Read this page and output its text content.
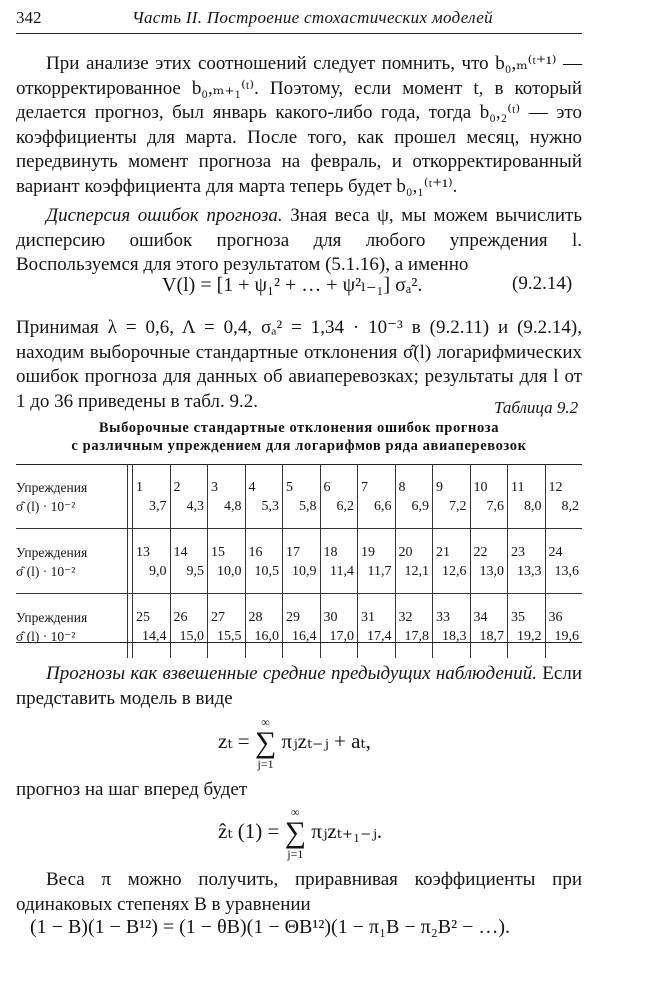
342	Часть II. Построение стохастических моделей
При анализе этих соотношений следует помнить, что b₀,ₘ⁽ᵗ⁺¹⁾ — откорректированное b₀,ₘ₊₁⁽ᵗ⁾. Поэтому, если момент t, в который делается прогноз, был январь какого-либо года, тогда b₀,₂⁽ᵗ⁾ — это коэффициенты для марта. После того, как прошел месяц, нужно передвинуть момент прогноза на февраль, и откорректированный вариант коэффициента для марта теперь будет b₀,₁⁽ᵗ⁺¹⁾.
Дисперсия ошибок прогноза. Зная веса ψ, мы можем вычислить дисперсию ошибок прогноза для любого упреждения l. Воспользуемся для этого результатом (5.1.16), а именно
V(l) = [1 + ψ₁² + … + ψ²ₗ₋₁] σₐ².	(9.2.14)
Принимая λ = 0,6, Λ = 0,4, σₐ² = 1,34 · 10⁻³ в (9.2.11) и (9.2.14), находим выборочные стандартные отклонения σ̂(l) логарифмических ошибок прогноза для данных об авиаперевозках; результаты для l от 1 до 36 приведены в табл. 9.2.	Таблица 9.2
Выборочные стандартные отклонения ошибок прогноза
с различным упреждением для логарифмов ряда авиаперевозок
Упреждения		1	2	3	4	5	6	7	8	9	10	11	12
σ̂ (l) · 10⁻²		3,7	4,3	4,8	5,3	5,8	6,2	6,6	6,9	7,2	7,6	8,0	8,2
Упреждения		13	14	15	16	17	18	19	20	21	22	23	24
σ̂ (l) · 10⁻²		9,0	9,5	10,0	10,5	10,9	11,4	11,7	12,1	12,6	13,0	13,3	13,6
Упреждения		25	26	27	28	29	30	31	32	33	34	35	36
σ̂ (l) · 10⁻²		14,4	15,0	15,5	16,0	16,4	17,0	17,4	17,8	18,3	18,7	19,2	19,6
Прогнозы как взвешенные средние предыдущих наблюдений. Если представить модель в виде
zₜ =
∞
∑
j=1
πⱼzₜ₋ⱼ + aₜ,
прогноз на шаг вперед будет
ẑₜ (1) =
∞
∑
j=1
πⱼzₜ₊₁₋ⱼ.
Веса π можно получить, приравнивая коэффициенты при одинаковых степенях B в уравнении
(1 − B)(1 − B¹²) = (1 − θB)(1 − ΘB¹²)(1 − π₁B − π₂B² − …).
